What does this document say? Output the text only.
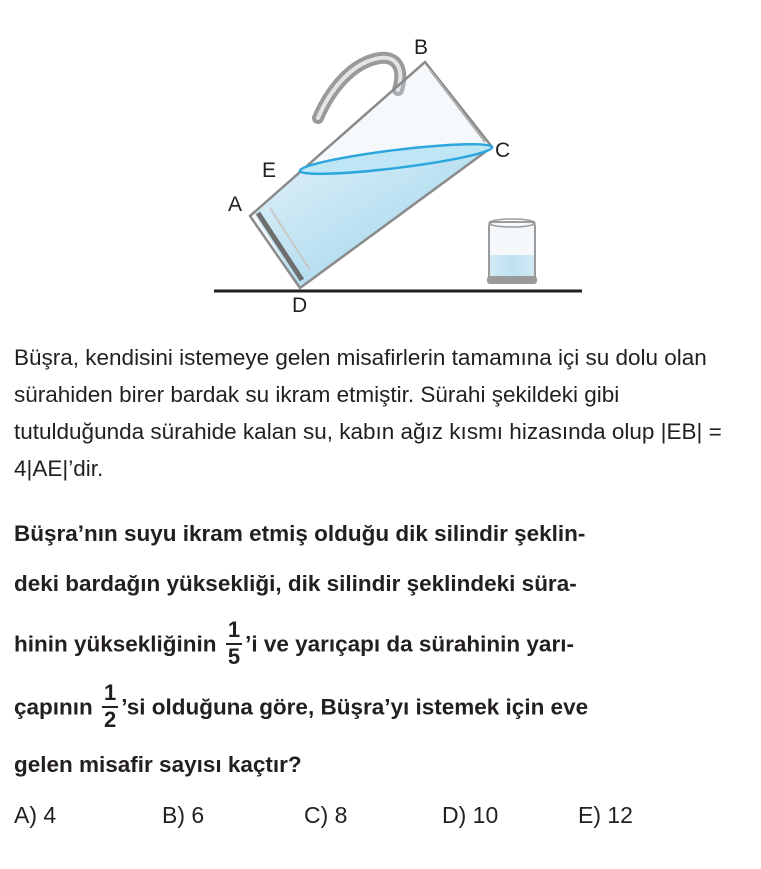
B
C
E
A
D

Büşra, kendisini istemeye gelen misafirlerin tamamına içi su dolu olan sürahiden birer bardak su ikram etmiştir. Sürahi şekildeki gibi tutulduğunda sürahide kalan su, kabın ağız kısmı hizasında olup |EB| = 4|AE|’dir.

Büşra’nın suyu ikram etmiş olduğu dik silindir şeklin-
deki bardağın yüksekliği, dik silindir şeklindeki süra-
hinin yüksekliğinin $\frac{1}{5}$ ’i ve yarıçapı da sürahinin yarı-
çapının $\frac{1}{2}$ ’si olduğuna göre, Büşra’yı istemek için eve
gelen misafir sayısı kaçtır?
A) 4	B) 6	C) 8	D) 10	E) 12
